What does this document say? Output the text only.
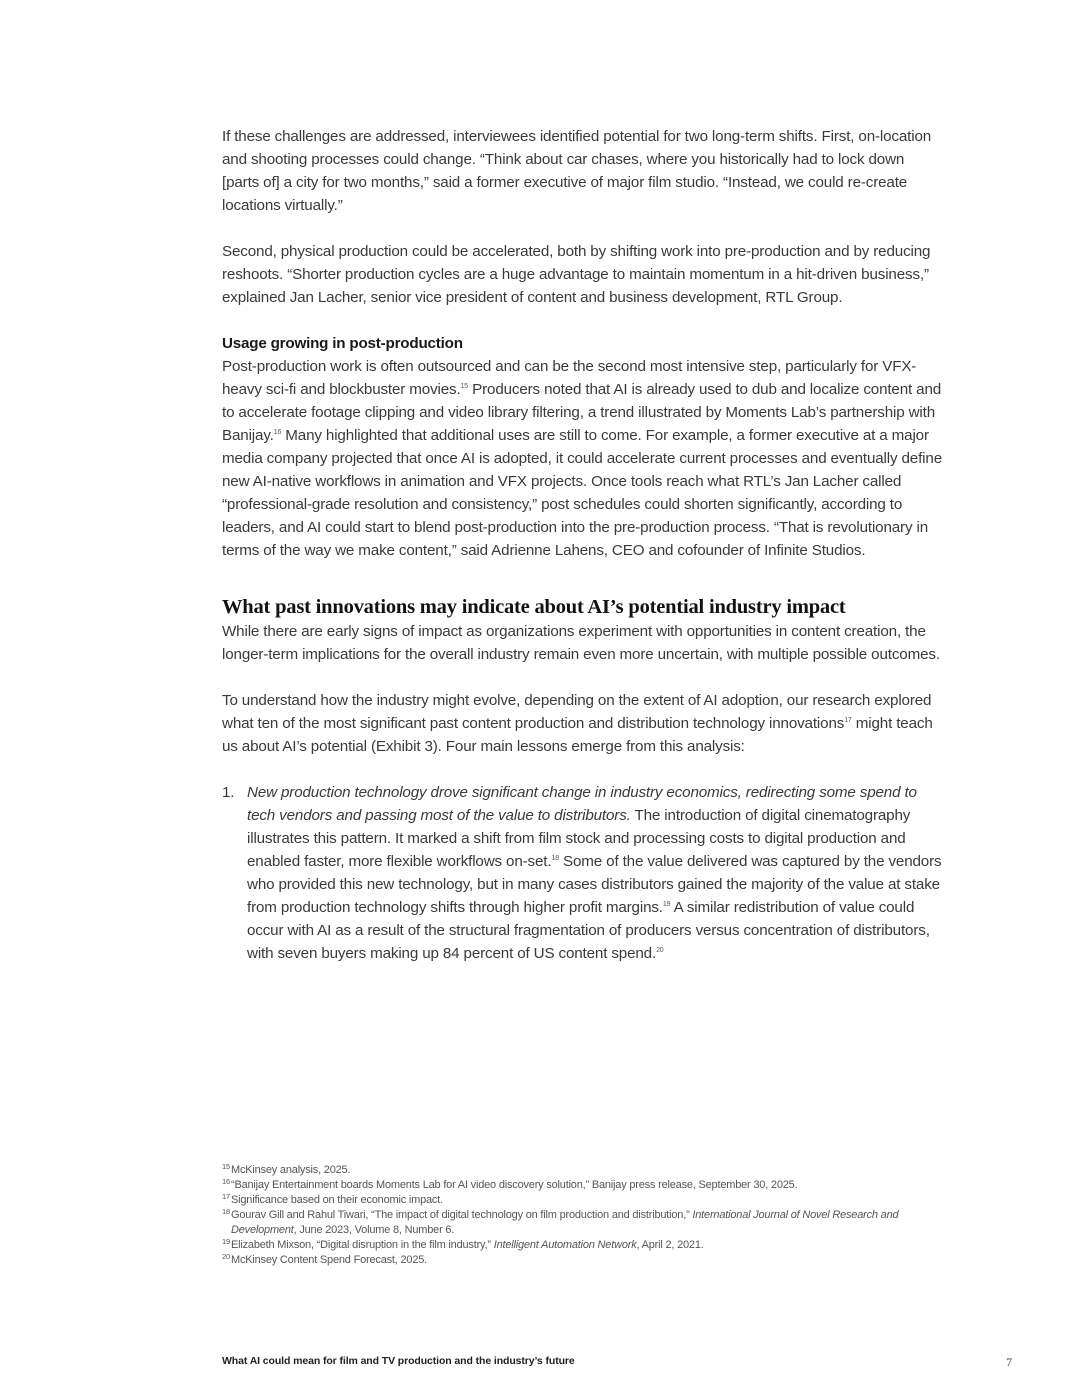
If these challenges are addressed, interviewees identified potential for two long-term shifts. First, on-location and shooting processes could change. “Think about car chases, where you historically had to lock down [parts of] a city for two months,” said a former executive of major film studio. “Instead, we could re-create locations virtually.”

Second, physical production could be accelerated, both by shifting work into pre-production and by reducing reshoots. “Shorter production cycles are a huge advantage to maintain momentum in a hit-driven business,” explained Jan Lacher, senior vice president of content and business development, RTL Group.

Usage growing in post-production

Post-production work is often outsourced and can be the second most intensive step, particularly for VFX-heavy sci-fi and blockbuster movies.$^{15}$ Producers noted that AI is already used to dub and localize content and to accelerate footage clipping and video library filtering, a trend illustrated by Moments Lab’s partnership with Banijay.$^{16}$ Many highlighted that additional uses are still to come. For example, a former executive at a major media company projected that once AI is adopted, it could accelerate current processes and eventually define new AI-native workflows in animation and VFX projects. Once tools reach what RTL’s Jan Lacher called “professional-grade resolution and consistency,” post schedules could shorten significantly, according to leaders, and AI could start to blend post-production into the pre-production process. “That is revolutionary in terms of the way we make content,” said Adrienne Lahens, CEO and cofounder of Infinite Studios.

What past innovations may indicate about AI’s potential industry impact

While there are early signs of impact as organizations experiment with opportunities in content creation, the longer-term implications for the overall industry remain even more uncertain, with multiple possible outcomes.

To understand how the industry might evolve, depending on the extent of AI adoption, our research explored what ten of the most significant past content production and distribution technology innovations$^{17}$ might teach us about AI’s potential (Exhibit 3). Four main lessons emerge from this analysis:

1. New production technology drove significant change in industry economics, redirecting some spend to tech vendors and passing most of the value to distributors. The introduction of digital cinematography illustrates this pattern. It marked a shift from film stock and processing costs to digital production and enabled faster, more flexible workflows on-set.$^{18}$ Some of the value delivered was captured by the vendors who provided this new technology, but in many cases distributors gained the majority of the value at stake from production technology shifts through higher profit margins.$^{19}$ A similar redistribution of value could occur with AI as a result of the structural fragmentation of producers versus concentration of distributors, with seven buyers making up 84 percent of US content spend.$^{20}$

15 McKinsey analysis, 2025.
16 “Banijay Entertainment boards Moments Lab for AI video discovery solution,” Banijay press release, September 30, 2025.
17 Significance based on their economic impact.
18 Gourav Gill and Rahul Tiwari, “The impact of digital technology on film production and distribution,” International Journal of Novel Research and Development, June 2023, Volume 8, Number 6.
19 Elizabeth Mixson, “Digital disruption in the film industry,” Intelligent Automation Network, April 2, 2021.
20 McKinsey Content Spend Forecast, 2025.
What AI could mean for film and TV production and the industry’s future	7
